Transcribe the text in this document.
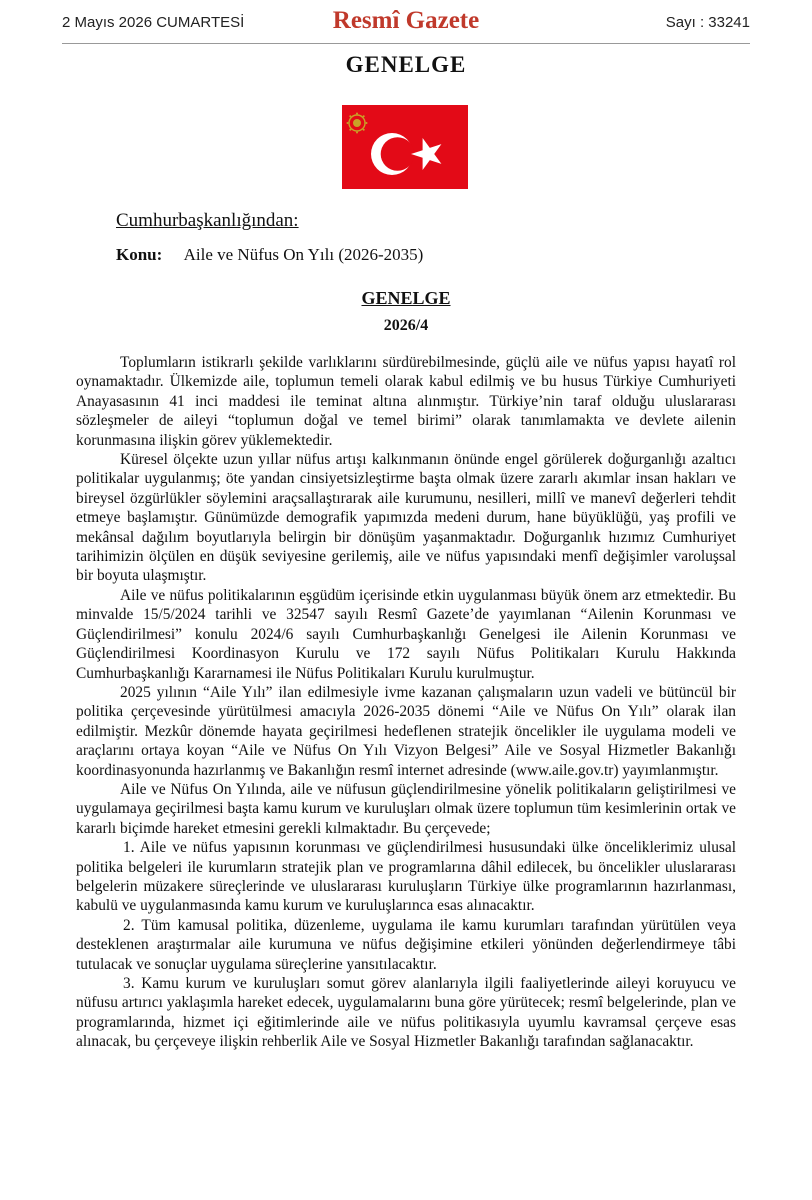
2 Mayıs 2026 CUMARTESİ	Resmî Gazete	Sayı : 33241
GENELGE
Cumhurbaşkanlığından:
Konu: Aile ve Nüfus On Yılı (2026-2035)
GENELGE
2026/4

Toplumların istikrarlı şekilde varlıklarını sürdürebilmesinde, güçlü aile ve nüfus yapısı hayatî rol oynamaktadır. Ülkemizde aile, toplumun temeli olarak kabul edilmiş ve bu husus Türkiye Cumhuriyeti Anayasasının 41 inci maddesi ile teminat altına alınmıştır. Türkiye’nin taraf olduğu uluslararası sözleşmeler de aileyi “toplumun doğal ve temel birimi” olarak tanımlamakta ve devlete ailenin korunmasına ilişkin görev yüklemektedir.

Küresel ölçekte uzun yıllar nüfus artışı kalkınmanın önünde engel görülerek doğurganlığı azaltıcı politikalar uygulanmış; öte yandan cinsiyetsizleştirme başta olmak üzere zararlı akımlar insan hakları ve bireysel özgürlükler söylemini araçsallaştırarak aile kurumunu, nesilleri, millî ve manevî değerleri tehdit etmeye başlamıştır. Günümüzde demografik yapımızda medeni durum, hane büyüklüğü, yaş profili ve mekânsal dağılım boyutlarıyla belirgin bir dönüşüm yaşanmaktadır. Doğurganlık hızımız Cumhuriyet tarihimizin ölçülen en düşük seviyesine gerilemiş, aile ve nüfus yapısındaki menfî değişimler varoluşsal bir boyuta ulaşmıştır.

Aile ve nüfus politikalarının eşgüdüm içerisinde etkin uygulanması büyük önem arz etmektedir. Bu minvalde 15/5/2024 tarihli ve 32547 sayılı Resmî Gazete’de yayımlanan “Ailenin Korunması ve Güçlendirilmesi” konulu 2024/6 sayılı Cumhurbaşkanlığı Genelgesi ile Ailenin Korunması ve Güçlendirilmesi Koordinasyon Kurulu ve 172 sayılı Nüfus Politikaları Kurulu Hakkında Cumhurbaşkanlığı Kararnamesi ile Nüfus Politikaları Kurulu kurulmuştur.

2025 yılının “Aile Yılı” ilan edilmesiyle ivme kazanan çalışmaların uzun vadeli ve bütüncül bir politika çerçevesinde yürütülmesi amacıyla 2026-2035 dönemi “Aile ve Nüfus On Yılı” olarak ilan edilmiştir. Mezkûr dönemde hayata geçirilmesi hedeflenen stratejik öncelikler ile uygulama modeli ve araçlarını ortaya koyan “Aile ve Nüfus On Yılı Vizyon Belgesi” Aile ve Sosyal Hizmetler Bakanlığı koordinasyonunda hazırlanmış ve Bakanlığın resmî internet adresinde (www.aile.gov.tr) yayımlanmıştır.

Aile ve Nüfus On Yılında, aile ve nüfusun güçlendirilmesine yönelik politikaların geliştirilmesi ve uygulamaya geçirilmesi başta kamu kurum ve kuruluşları olmak üzere toplumun tüm kesimlerinin ortak ve kararlı biçimde hareket etmesini gerekli kılmaktadır. Bu çerçevede;

1. Aile ve nüfus yapısının korunması ve güçlendirilmesi hususundaki ülke önceliklerimiz ulusal politika belgeleri ile kurumların stratejik plan ve programlarına dâhil edilecek, bu öncelikler uluslararası belgelerin müzakere süreçlerinde ve uluslararası kuruluşların Türkiye ülke programlarının hazırlanması, kabulü ve uygulanmasında kamu kurum ve kuruluşlarınca esas alınacaktır.

2. Tüm kamusal politika, düzenleme, uygulama ile kamu kurumları tarafından yürütülen veya desteklenen araştırmalar aile kurumuna ve nüfus değişimine etkileri yönünden değerlendirmeye tâbi tutulacak ve sonuçlar uygulama süreçlerine yansıtılacaktır.

3. Kamu kurum ve kuruluşları somut görev alanlarıyla ilgili faaliyetlerinde aileyi koruyucu ve nüfusu artırıcı yaklaşımla hareket edecek, uygulamalarını buna göre yürütecek; resmî belgelerinde, plan ve programlarında, hizmet içi eğitimlerinde aile ve nüfus politikasıyla uyumlu kavramsal çerçeve esas alınacak, bu çerçeveye ilişkin rehberlik Aile ve Sosyal Hizmetler Bakanlığı tarafından sağlanacaktır.
